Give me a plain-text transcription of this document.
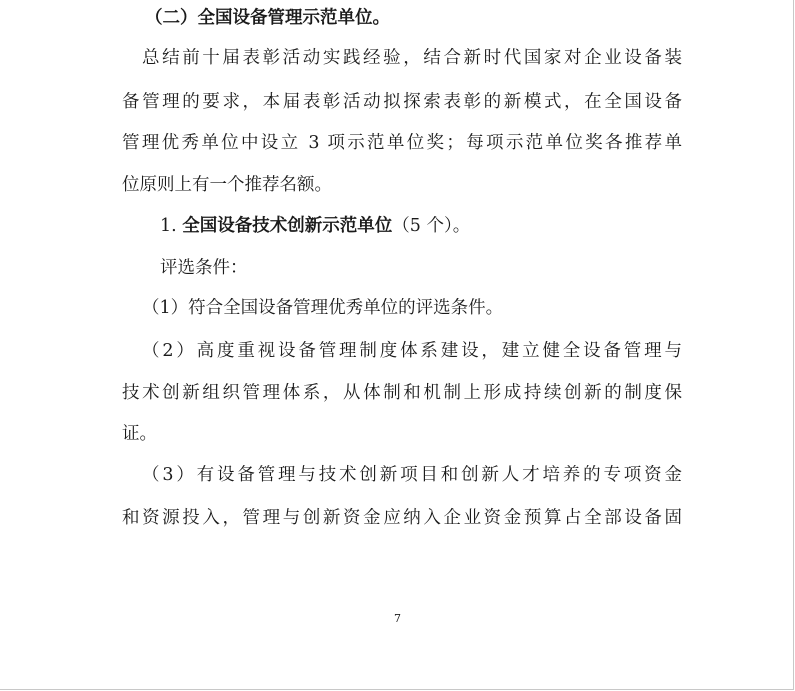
（二）全国设备管理示范单位。
总结前十届表彰活动实践经验，结合新时代国家对企业设备装
备管理的要求，本届表彰活动拟探索表彰的新模式，在全国设备
管理优秀单位中设立 3 项示范单位奖；每项示范单位奖各推荐单
位原则上有一个推荐名额。
1. 全国设备技术创新示范单位（5 个）。
评选条件：
（1）符合全国设备管理优秀单位的评选条件。
（2）高度重视设备管理制度体系建设，建立健全设备管理与
技术创新组织管理体系，从体制和机制上形成持续创新的制度保
证。
（3）有设备管理与技术创新项目和创新人才培养的专项资金
和资源投入，管理与创新资金应纳入企业资金预算占全部设备固
7
